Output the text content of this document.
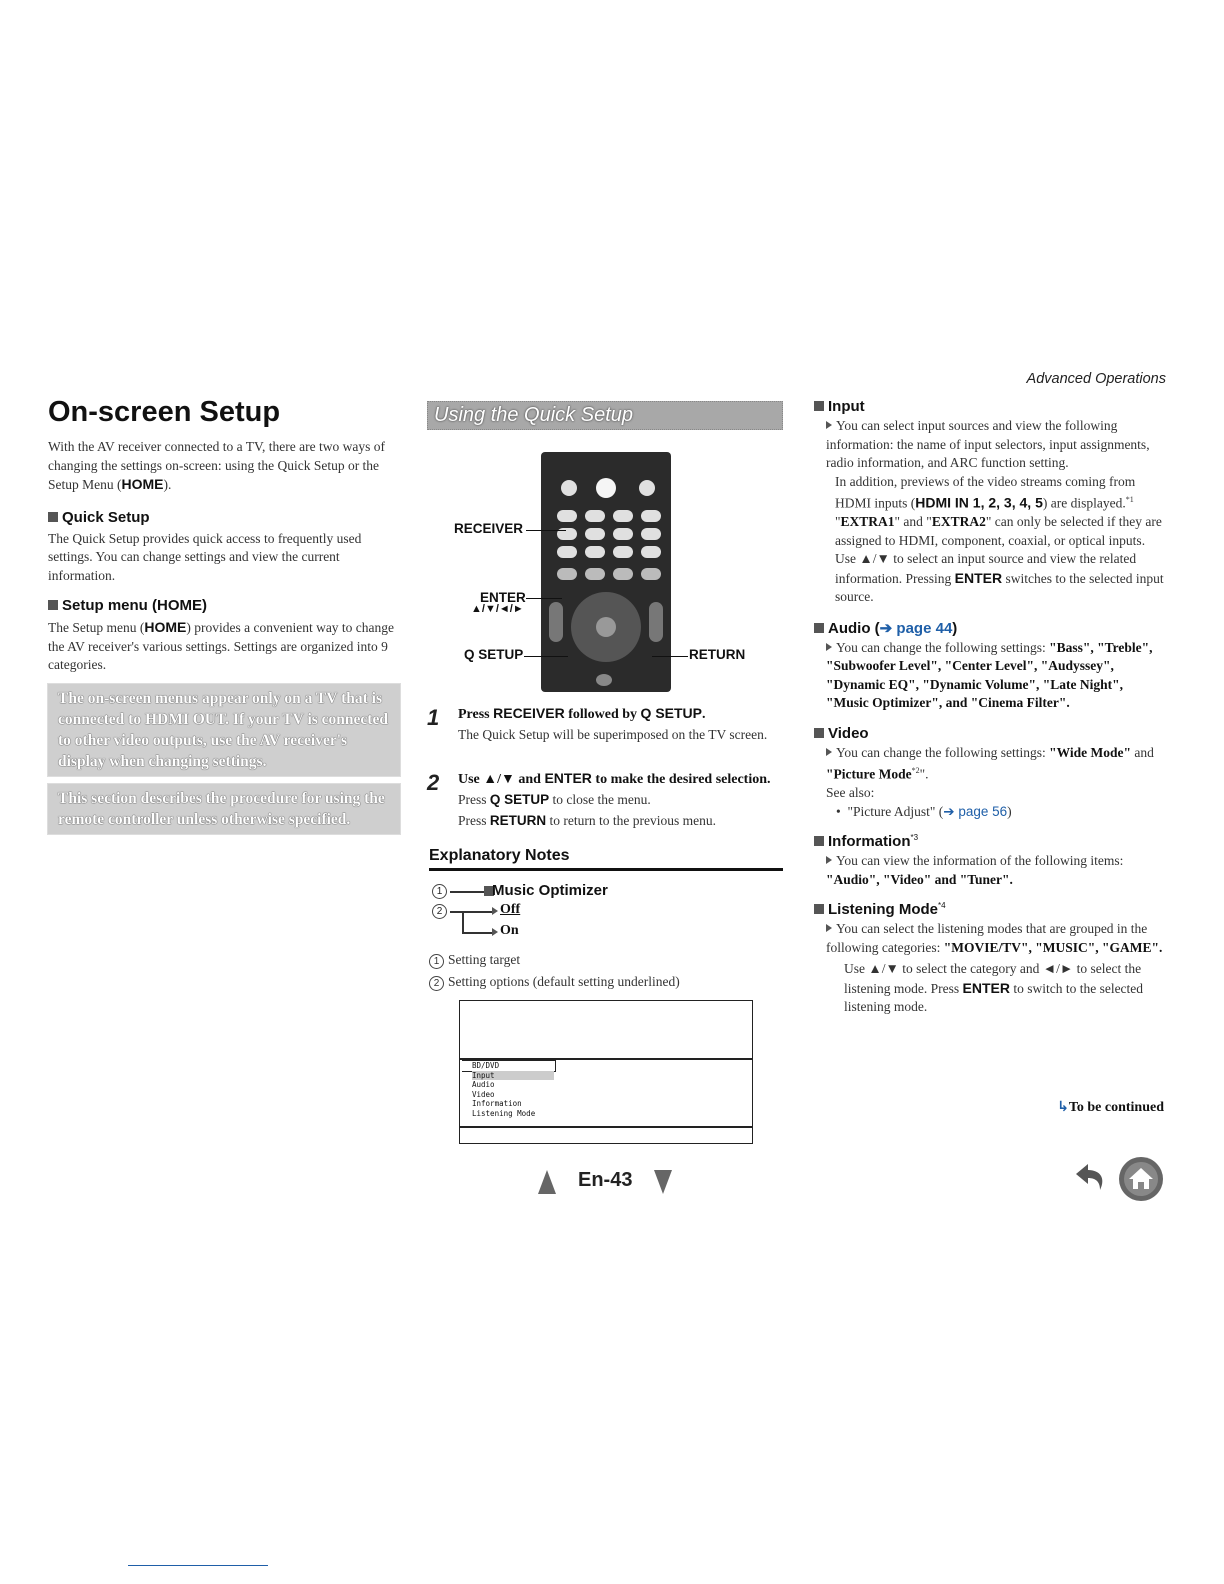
Advanced Operations
On-screen Setup

With the AV receiver connected to a TV, there are two ways of changing the settings on-screen: using the Quick Setup or the Setup Menu (HOME).

Quick Setup

The Quick Setup provides quick access to frequently used settings. You can change settings and view the current information.

Setup menu (HOME)

The Setup menu (HOME) provides a convenient way to change the AV receiver's various settings. Settings are organized into 9 categories.

The on-screen menus appear only on a TV that is connected to HDMI OUT. If your TV is connected to other video outputs, use the AV receiver's display when changing settings.
This section describes the procedure for using the remote controller unless otherwise specified.
Using the Quick Setup
RECEIVER
ENTER
▲/▼/◄/►
Q SETUP	RETURN
1 Press RECEIVER followed by Q SETUP.

The Quick Setup will be superimposed on the TV screen.

2 Use ▲/▼ and ENTER to make the desired selection.

Press Q SETUP to close the menu.

Press RETURN to return to the previous menu.

Explanatory Notes
1	Music Optimizer
2	Off
On

1 Setting target

2 Setting options (default setting underlined)

BD/DVD
Input
Audio
Video
Information
Listening Mode
En-43
Input

You can select input sources and view the following information: the name of input selectors, input assignments, radio information, and ARC function setting.

In addition, previews of the video streams coming from HDMI inputs (HDMI IN 1, 2, 3, 4, 5) are displayed.$^{*1}$ "EXTRA1" and "EXTRA2" can only be selected if they are assigned to HDMI, component, coaxial, or optical inputs.

Use ▲/▼ to select an input source and view the related information. Pressing ENTER switches to the selected input source.

Audio (➔ page 44)

You can change the following settings: "Bass", "Treble", "Subwoofer Level", "Center Level", "Audyssey", "Dynamic EQ", "Dynamic Volume", "Late Night", "Music Optimizer", and "Cinema Filter".

Video

You can change the following settings: "Wide Mode" and "Picture Mode$^{*2}$".

See also:

•  "Picture Adjust" (➔ page 56)

Information$^{*3}$

You can view the information of the following items: "Audio", "Video" and "Tuner".

Listening Mode$^{*4}$

You can select the listening modes that are grouped in the following categories: "MOVIE/TV", "MUSIC", "GAME".

Use ▲/▼ to select the category and ◄/► to select the listening mode. Press ENTER to switch to the selected listening mode.

↳To be continued
